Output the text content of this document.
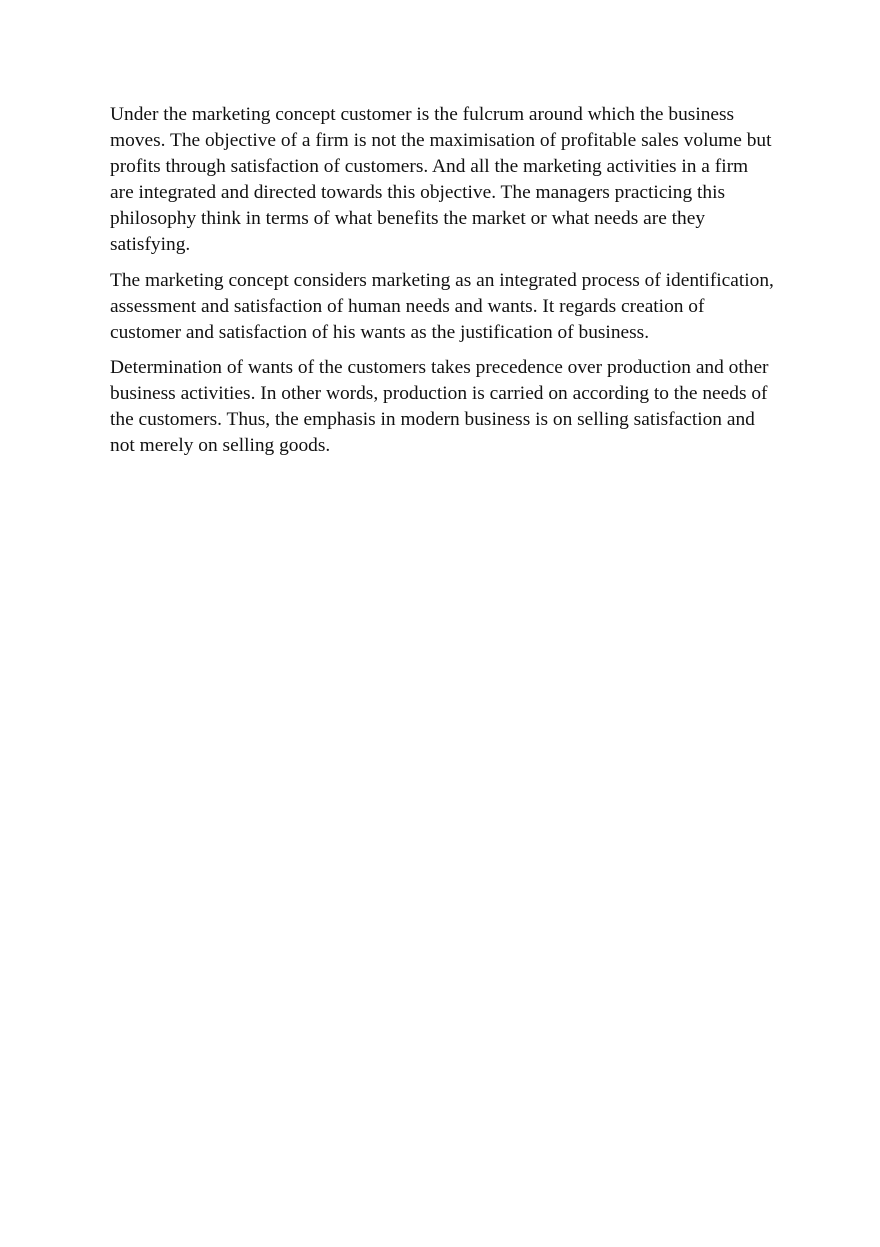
Under the marketing concept customer is the fulcrum around which the business moves. The objective of a firm is not the maximisation of profitable sales volume but profits through satisfaction of customers. And all the marketing activities in a firm are integrated and directed towards this objective. The managers practicing this philosophy think in terms of what benefits the market or what needs are they satisfying.

The marketing concept considers marketing as an integrated process of identification, assessment and satisfaction of human needs and wants. It regards creation of customer and satisfaction of his wants as the justification of business.

Determination of wants of the customers takes precedence over production and other business activities. In other words, production is carried on according to the needs of the customers. Thus, the emphasis in modern business is on selling satisfaction and not merely on selling goods.
